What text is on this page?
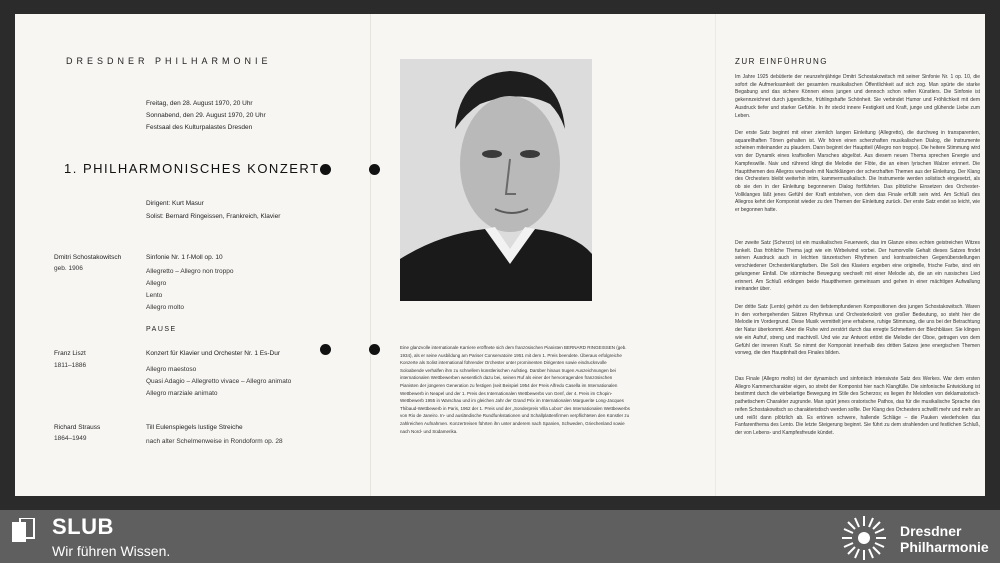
DRESDNER PHILHARMONIE
Freitag, den 28. August 1970, 20 Uhr
Sonnabend, den 29. August 1970, 20 Uhr
Festsaal des Kulturpalastes Dresden
1. PHILHARMONISCHES KONZERT
Dirigent: Kurt Masur
Solist: Bernard Ringeissen, Frankreich, Klavier
Dmitri Schostakowitsch
geb. 1906
Sinfonie Nr. 1 f-Moll op. 10
Allegretto – Allegro non troppo
Allegro
Lento
Allegro molto
PAUSE
Franz Liszt
1811–1886
Konzert für Klavier und Orchester Nr. 1 Es-Dur
Allegro maestoso
Quasi Adagio – Allegretto vivace – Allegro animato
Allegro marziale animato
Richard Strauss
1864–1949
Till Eulenspiegels lustige Streiche
nach alter Schelmenweise in Rondoform op. 28
Eine glanzvolle internationale Karriere eröffnete sich dem französischen Pianisten BERNARD RINGEISSEN (geb. 1934), als er seine Ausbildung am Pariser Conservatoire 1951 mit dem 1. Preis beendete. Überaus erfolgreiche Konzerte als Solist international führender Orchester unter prominenten Dirigenten sowie eindrucksvolle Soloabende verhalfen ihm zu schnellem künstlerischen Aufstieg. Darüber hinaus trugen Auszeichnungen bei internationalen Wettbewerben wesentlich dazu bei, seinen Ruf als einer der hervorragenden französischen Pianisten der jüngeren Generation zu festigen (seit Beispiel 1954 der Preis Alfredo Casella im Internationalen Wettbewerb in Neapel und der 1. Preis des Internationalen Wettbewerbs von Genf, der 4. Preis im Chopin-Wettbewerb 1955 in Warschau und im gleichen Jahr der Grand Prix im Internationalen Marguerite Long-Jacques Thibaud-Wettbewerb in Paris, 1962 der 1. Preis und der „Sonderpreis Villa Lobos“ des Internationalen Wettbewerbs von Rio de Janeiro. In- und ausländische Rundfunkstationen und Schallplattenfirmen verpflichteten den Künstler zu zahlreichen Aufnahmen. Konzertreisen führten ihn unter anderem nach Spanien, Schweden, Griechenland sowie nach Nord- und Südamerika.
ZUR EINFÜHRUNG
Im Jahre 1925 debütierte der neunzehnjährige Dmitri Schostakowitsch mit seiner Sinfonie Nr. 1 op. 10, die sofort die Aufmerksamkeit der gesamten musikalischen Öffentlichkeit auf sich zog. Man spürte die starke Begabung und das sichere Können eines jungen und dennoch schon reifen Künstlers. Die Sinfonie ist gekennzeichnet durch jugendliche, frühlingshafte Schönheit. Sie verbindet Humor und Fröhlichkeit mit dem Ausdruck tiefer und starker Gefühle. In ihr steckt innere Festigkeit und Kraft, junge und glühende Liebe zum Leben.
Der erste Satz beginnt mit einer ziemlich langen Einleitung (Allegretto), die durchweg in transparenten, aquarellhaften Tönen gehalten ist. Wir hören einen scherzhaften musikalischen Dialog, die Instrumente scheinen miteinander zu plaudern. Dann beginnt der Hauptteil (Allegro non troppo). Die heitere Stimmung wird von der Dynamik eines kraftvollen Marsches abgelöst. Aus diesem neuen Thema sprechen Energie und Kampfeswille. Naiv und rührend klingt die Melodie der Flöte, die an einen lyrischen Walzer erinnert. Die Hauptthemen des Allegros wechseln mit Nachklängen der scherzhaften Themen aus der Einleitung. Der Klang des Orchesters bleibt weiterhin intim, kammermusikalisch. Die Instrumente werden solistisch eingesetzt, als ob sie den in der Einleitung begonnenen Dialog fortführten. Das plötzliche Einsetzen des Orchester-Vollklanges läßt jenes Gefühl der Kraft entstehen, von dem das Finale erfüllt sein wird. Am Schluß des Allegros kehrt der Komponist wieder zu den Themen der Einleitung zurück. Der erste Satz endet so leicht, wie er begonnen hatte.
Der zweite Satz (Scherzo) ist ein musikalisches Feuerwerk, das im Glanze eines echten geistreichen Witzes funkelt. Das fröhliche Thema jagt wie ein Wirbelwind vorbei. Der humorvolle Gehalt dieses Satzes findet seinen Ausdruck auch in leichten tänzerischen Rhythmen und kontrastreichen Gegenüberstellungen verschiedener Orchesterklangfarben. Die Soli des Klaviers ergeben eine originelle, frische Farbe, sind ein gelungener Einfall. Die stürmische Bewegung wechselt mit einer Melodie ab, die an ein russisches Lied erinnert. Am Schluß erklingen beide Hauptthemen gemeinsam und gehen in einer mächtigen Aufwallung ineinander über.
Der dritte Satz (Lento) gehört zu den tiefstempfundenen Kompositionen des jungen Schostakowitsch. Waren in den vorhergehenden Sätzen Rhythmus und Orchesterkolorit von großer Bedeutung, so steht hier die Melodie im Vordergrund. Diese Musik vermittelt jene erhabene, ruhige Stimmung, die uns bei der Betrachtung der Natur überkommt. Aber die Ruhe wird zerstört durch das erregte Schmettern der Blechbläser. Sie klingen wie ein Aufruf, streng und machtvoll. Und wie zur Antwort ertönt die Melodie der Oboe, getragen von dem Gefühl der inneren Kraft. So nimmt der Komponist innerhalb des dritten Satzes jene energischen Themen vorweg, die den Hauptinhalt des Finales bilden.
Das Finale (Allegro molto) ist der dynamisch und sinfonisch intensivste Satz des Werkes. War dem ersten Allegro Kammercharakter eigen, so strebt der Komponist hier nach Klangfülle. Die sinfonische Entwicklung ist bestimmt durch die wirbelartige Bewegung im Stile des Scherzos; es liegen ihr Melodien von deklamatorisch-pathetischem Charakter zugrunde. Man spürt jenes oratorische Pathos, das für die musikalische Sprache des reifen Schostakowitsch so charakteristisch werden sollte. Der Klang des Orchesters schwillt mehr und mehr an und reißt dann plötzlich ab. Es ertönen schwere, hallende Schläge – die Pauken wiederholen das Fanfarenthema des Lento. Die letzte Steigerung beginnt. Sie führt zu dem strahlenden und festlichen Schluß, der von Lebens- und Kampfesfreude kündet.
SLUB
Wir führen Wissen.
Dresdner
Philharmonie
